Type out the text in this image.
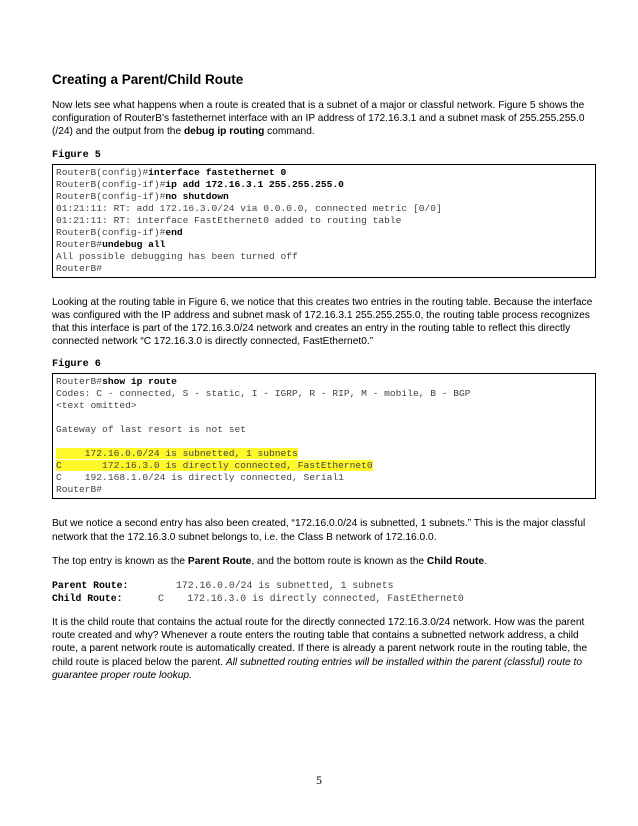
Creating a Parent/Child Route

Now lets see what happens when a route is created that is a subnet of a major or classful network. Figure 5 shows the configuration of RouterB’s fastethernet interface with an IP address of 172.16.3.1 and a subnet mask of 255.255.255.0 (/24) and the output from the debug ip routing command.

Figure 5
RouterB(config)#interface fastethernet 0
RouterB(config-if)#ip add 172.16.3.1 255.255.255.0
RouterB(config-if)#no shutdown
01:21:11: RT: add 172.16.3.0/24 via 0.0.0.0, connected metric [0/0]
01:21:11: RT: interface FastEthernet0 added to routing table
RouterB(config-if)#end
RouterB#undebug all
All possible debugging has been turned off
RouterB#

Looking at the routing table in Figure 6, we notice that this creates two entries in the routing table. Because the interface was configured with the IP address and subnet mask of 172.16.3.1 255.255.255.0, the routing table process recognizes that this interface is part of the 172.16.3.0/24 network and creates an entry in the routing table to reflect this directly connected network “C 172.16.3.0 is directly connected, FastEthernet0.”

Figure 6
RouterB#show ip route
Codes: C - connected, S - static, I - IGRP, R - RIP, M - mobile, B - BGP
<text omitted>
Gateway of last resort is not set
172.16.0.0/24 is subnetted, 1 subnets
C       172.16.3.0 is directly connected, FastEthernet0
C    192.168.1.0/24 is directly connected, Serial1
RouterB#

But we notice a second entry has also been created, “172.16.0.0/24 is subnetted, 1 subnets.” This is the major classful network that the 172.16.3.0 subnet belongs to, i.e. the Class B network of 172.16.0.0.

The top entry is known as the Parent Route, and the bottom route is known as the Child Route.

Parent Route:	172.16.0.0/24 is subnetted, 1 subnets
Child Route:	C    172.16.3.0 is directly connected, FastEthernet0

It is the child route that contains the actual route for the directly connected 172.16.3.0/24 network. How was the parent route created and why? Whenever a route enters the routing table that contains a subnetted network address, a child route, a parent network route is automatically created. If there is already a parent network route in the routing table, the child route is placed below the parent. All subnetted routing entries will be installed within the parent (classful) route to guarantee proper route lookup.

5
